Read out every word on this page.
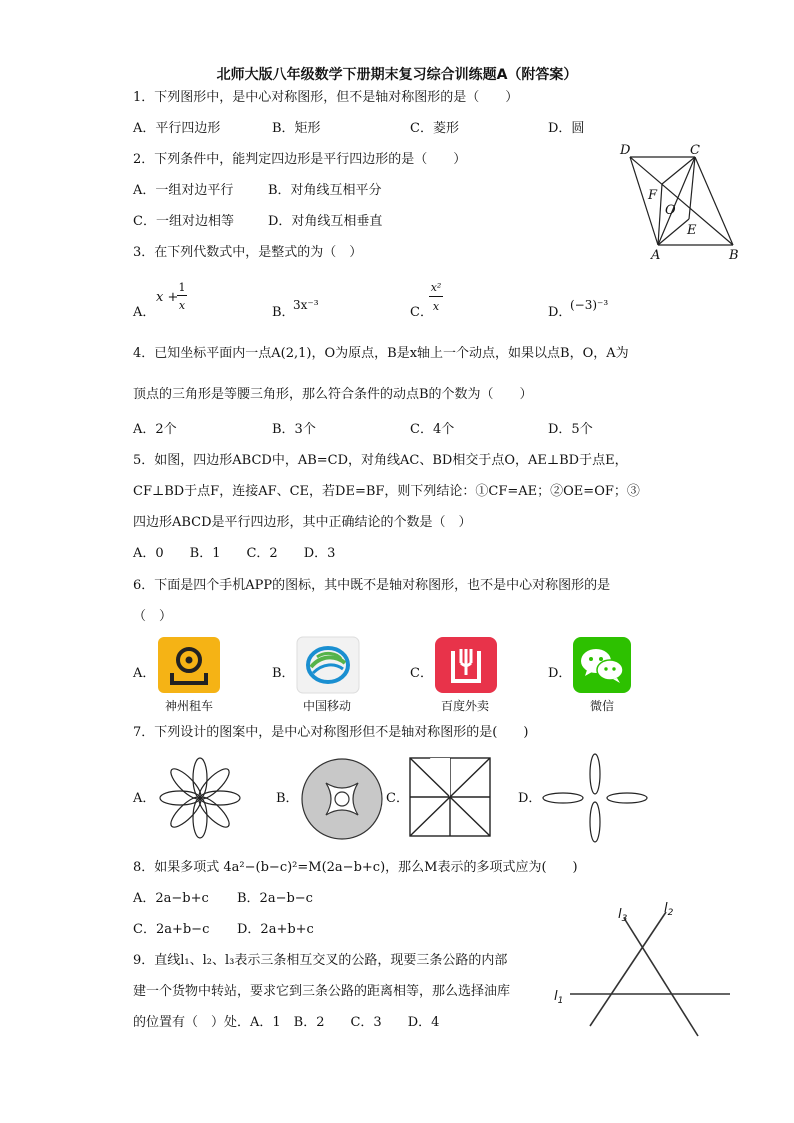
北师大版八年级数学下册期末复习综合训练题A（附答案）
1．下列图形中，是中心对称图形，但不是轴对称图形的是（　　）
A．平行四边形	B．矩形	C．菱形	D．圆
2．下列条件中，能判定四边形是平行四边形的是（　　）
A．一组对边平行	B．对角线互相平分
C．一组对边相等	D．对角线互相垂直
D	C
F
O
E
A	B
3．在下列代数式中，是整式的为（　）
A．
x +
1
x	B．
3x⁻³	C．
x²
x	D．
(−3)⁻³
4．已知坐标平面内一点A(2,1)，O为原点，B是x轴上一个动点，如果以点B，O，A为
顶点的三角形是等腰三角形，那么符合条件的动点B的个数为（　　）
A．2个	B．3个	C．4个	D．5个
5．如图，四边形ABCD中，AB=CD，对角线AC、BD相交于点O，AE⊥BD于点E，
CF⊥BD于点F，连接AF、CE，若DE=BF，则下列结论：①CF=AE；②OE=OF；③
四边形ABCD是平行四边形，其中正确结论的个数是（　）
A．0　　B．1　　C．2　　D．3
6．下面是四个手机APP的图标，其中既不是轴对称图形，也不是中心对称图形的是
（　）
A．	B．	C．	D．
神州租车	中国移动	百度外卖	微信
7．下列设计的图案中，是中心对称图形但不是轴对称图形的是(　　)
A．	B．	C．	D．
8．如果多项式 4a²−(b−c)²=M(2a−b+c)，那么M表示的多项式应为(　　)
A．2a−b+c B．2a−b−c
C．2a+b−c D．2a+b+c
9．直线l₁、l₂、l₃表示三条相互交叉的公路，现要三条公路的内部
建一个货物中转站，要求它到三条公路的距离相等，那么选择油库
的位置有（　）处．A．1　B．2　　C．3　　D．4
$l_1$
$l_2$
$l_3$
